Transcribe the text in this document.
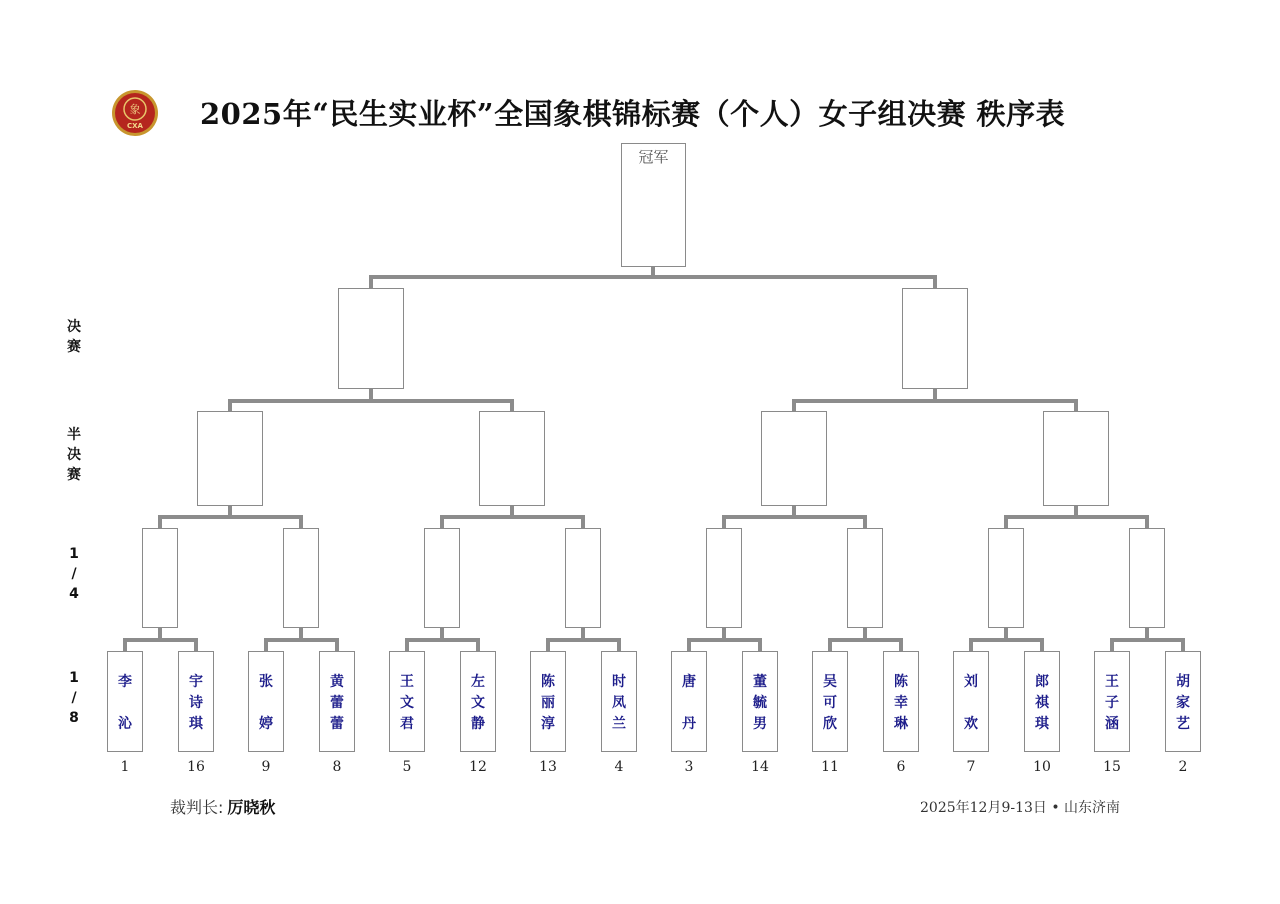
象
CXA 2025年“民生实业杯”全国象棋锦标赛（个人）女子组决赛 秩序表
决
赛
半
决
赛
1
/
4
1
/
8
冠军
李

沁
1
宇
诗
琪
16
张

婷
9
黄
蕾
蕾
8
王
文
君
5
左
文
静
12
陈
丽
淳
13
时
凤
兰
4
唐

丹
3
董
毓
男
14
吴
可
欣
11
陈
幸
琳
6
刘

欢
7
郎
祺
琪
10
王
子
涵
15
胡
家
艺
2
裁判长: 厉晓秋	2025年12月9-13日 • 山东济南
